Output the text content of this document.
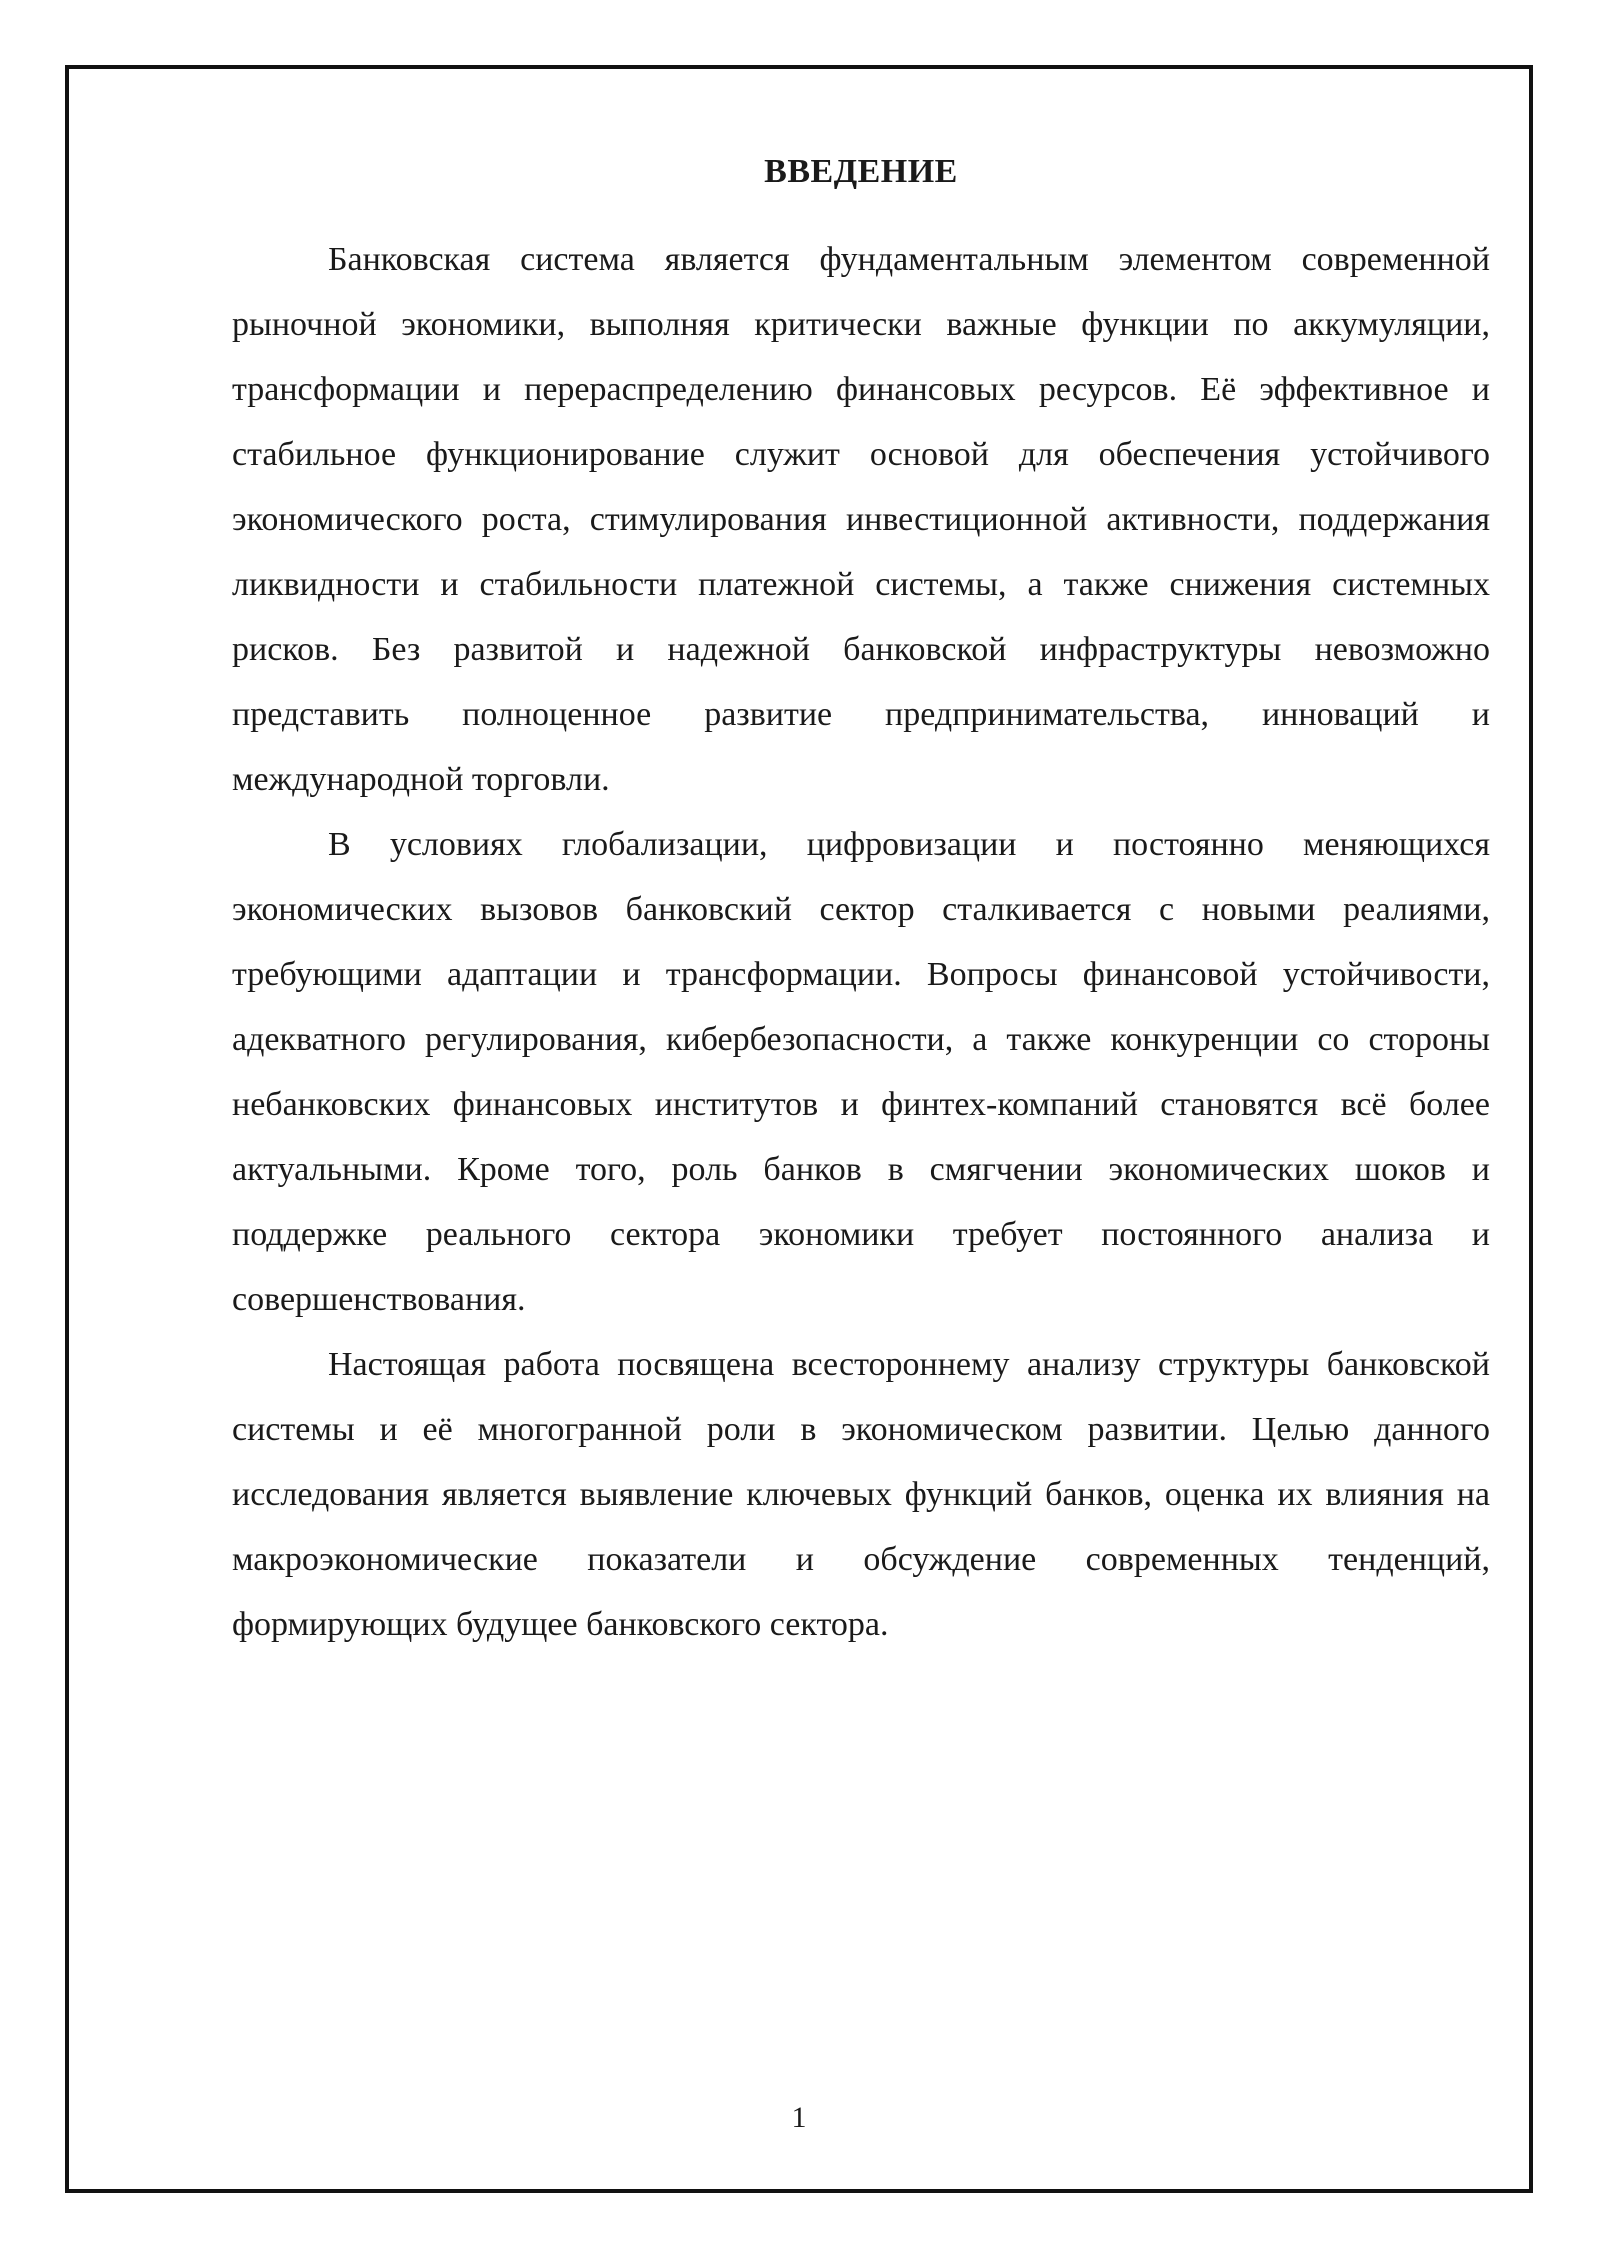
ВВЕДЕНИЕ

Банковская система является фундаментальным элементом современной рыночной экономики, выполняя критически важные функции по аккумуляции, трансформации и перераспределению финансовых ресурсов. Её эффективное и стабильное функционирование служит основой для обеспечения устойчивого экономического роста, стимулирования инвестиционной активности, поддержания ликвидности и стабильности платежной системы, а также снижения системных рисков. Без развитой и надежной банковской инфраструктуры невозможно представить полноценное развитие предпринимательства, инноваций и международной торговли.

В условиях глобализации, цифровизации и постоянно меняющихся экономических вызовов банковский сектор сталкивается с новыми реалиями, требующими адаптации и трансформации. Вопросы финансовой устойчивости, адекватного регулирования, кибербезопасности, а также конкуренции со стороны небанковских финансовых институтов и финтех-компаний становятся всё более актуальными. Кроме того, роль банков в смягчении экономических шоков и поддержке реального сектора экономики требует постоянного анализа и совершенствования.

Настоящая работа посвящена всестороннему анализу структуры банковской системы и её многогранной роли в экономическом развитии. Целью данного исследования является выявление ключевых функций банков, оценка их влияния на макроэкономические показатели и обсуждение современных тенденций, формирующих будущее банковского сектора.

1
